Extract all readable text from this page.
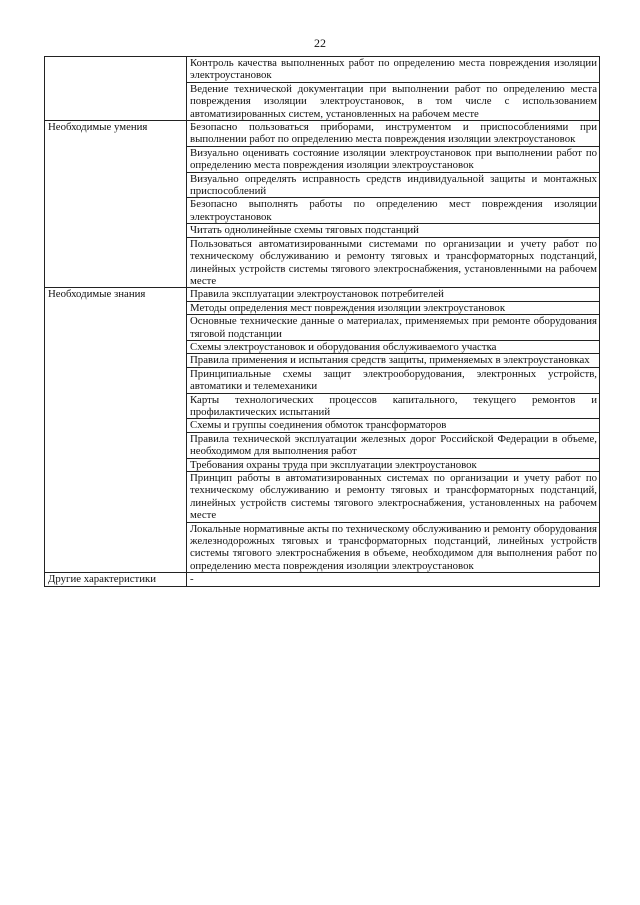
22
	Контроль качества выполненных работ по определению места повреждения изоляции электроустановок
	Ведение технической документации при выполнении работ по определению места повреждения изоляции электроустановок, в том числе с использованием автоматизированных систем, установленных на рабочем месте
Необходимые умения	Безопасно пользоваться приборами, инструментом и приспособлениями при выполнении работ по определению места повреждения изоляции электроустановок
	Визуально оценивать состояние изоляции электроустановок при выполнении работ по определению места повреждения изоляции электроустановок
	Визуально определять исправность средств индивидуальной защиты и монтажных приспособлений
	Безопасно выполнять работы по определению мест повреждения изоляции электроустановок
	Читать однолинейные схемы тяговых подстанций
	Пользоваться автоматизированными системами по организации и учету работ по техническому обслуживанию и ремонту тяговых и трансформаторных подстанций, линейных устройств системы тягового электроснабжения, установленными на рабочем месте
Необходимые знания	Правила эксплуатации электроустановок потребителей
	Методы определения мест повреждения изоляции электроустановок
	Основные технические данные о материалах, применяемых при ремонте оборудования тяговой подстанции
	Схемы электроустановок и оборудования обслуживаемого участка
	Правила применения и испытания средств защиты, применяемых в электроустановках
	Принципиальные схемы защит электрооборудования, электронных устройств, автоматики и телемеханики
	Карты технологических процессов капитального, текущего ремонтов и профилактических испытаний
	Схемы и группы соединения обмоток трансформаторов
	Правила технической эксплуатации железных дорог Российской Федерации в объеме, необходимом для выполнения работ
	Требования охраны труда при эксплуатации электроустановок
	Принцип работы в автоматизированных системах по организации и учету работ по техническому обслуживанию и ремонту тяговых и трансформаторных подстанций, линейных устройств системы тягового электроснабжения, установленных на рабочем месте
	Локальные нормативные акты по техническому обслуживанию и ремонту оборудования железнодорожных тяговых и трансформаторных подстанций, линейных устройств системы тягового электроснабжения в объеме, необходимом для выполнения работ по определению места повреждения изоляции электроустановок
Другие характеристики	-
